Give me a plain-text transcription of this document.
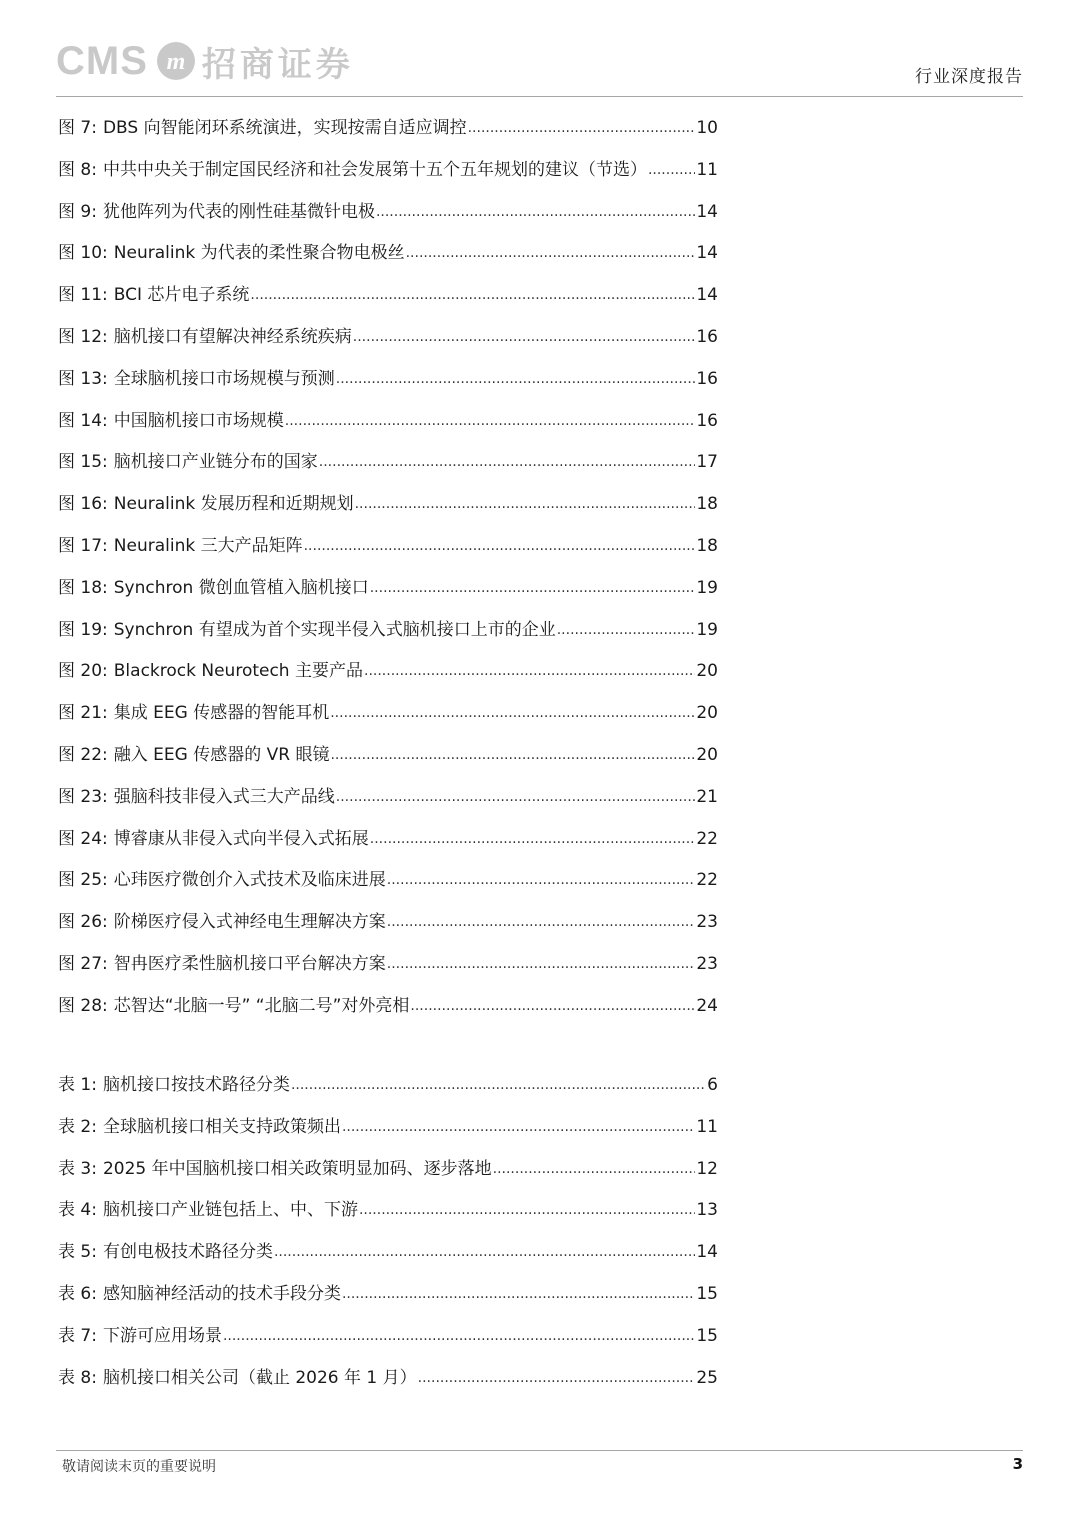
CMS m 招商证券	行业深度报告
图 7: DBS 向智能闭环系统演进，实现按需自适应调控 .....	10
图 8: 中共中央关于制定国民经济和社会发展第十五个五年规划的建议（节选） .....	11
图 9: 犹他阵列为代表的刚性硅基微针电极 .....	14
图 10: Neuralink 为代表的柔性聚合物电极丝 .....	14
图 11: BCI 芯片电子系统 .....	14
图 12: 脑机接口有望解决神经系统疾病 .....	16
图 13: 全球脑机接口市场规模与预测 .....	16
图 14: 中国脑机接口市场规模 .....	16
图 15: 脑机接口产业链分布的国家 .....	17
图 16: Neuralink 发展历程和近期规划 .....	18
图 17: Neuralink 三大产品矩阵 .....	18
图 18: Synchron 微创血管植入脑机接口 .....	19
图 19: Synchron 有望成为首个实现半侵入式脑机接口上市的企业 .....	19
图 20: Blackrock Neurotech 主要产品 .....	20
图 21: 集成 EEG 传感器的智能耳机 .....	20
图 22: 融入 EEG 传感器的 VR 眼镜 .....	20
图 23: 强脑科技非侵入式三大产品线 .....	21
图 24: 博睿康从非侵入式向半侵入式拓展 .....	22
图 25: 心玮医疗微创介入式技术及临床进展 .....	22
图 26: 阶梯医疗侵入式神经电生理解决方案 .....	23
图 27: 智冉医疗柔性脑机接口平台解决方案 .....	23
图 28: 芯智达“北脑一号” “北脑二号”对外亮相 .....	24
表 1: 脑机接口按技术路径分类 .....	6
表 2: 全球脑机接口相关支持政策频出 .....	11
表 3: 2025 年中国脑机接口相关政策明显加码、逐步落地 .....	12
表 4: 脑机接口产业链包括上、中、下游 .....	13
表 5: 有创电极技术路径分类 .....	14
表 6: 感知脑神经活动的技术手段分类 .....	15
表 7: 下游可应用场景 .....	15
表 8: 脑机接口相关公司（截止 2026 年 1 月） .....	25
敬请阅读末页的重要说明	3
